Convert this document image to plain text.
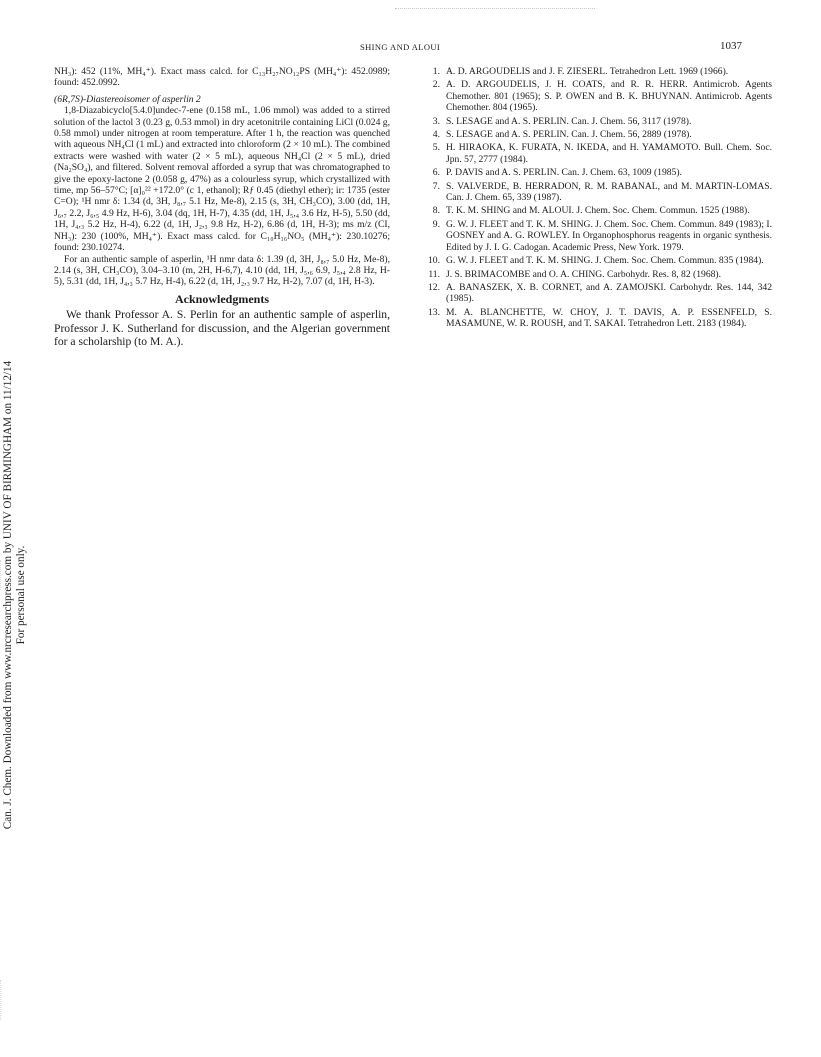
SHING AND ALOUI	1037
Can. J. Chem. Downloaded from www.nrcresearchpress.com by UNIV OF BIRMINGHAM on 11/12/14 For personal use only.

NH₃): 452 (11%, MH₄⁺). Exact mass calcd. for C₁₃H₂₇NO₁₂PS (MH₄⁺): 452.0989; found: 452.0992.

(6R,7S)-Diastereoisomer of asperlin 2

1,8-Diazabicyclo[5.4.0]undec-7-ene (0.158 mL, 1.06 mmol) was added to a stirred solution of the lactol 3 (0.23 g, 0.53 mmol) in dry acetonitrile containing LiCl (0.024 g, 0.58 mmol) under nitrogen at room temperature. After 1 h, the reaction was quenched with aqueous NH₄Cl (1 mL) and extracted into chloroform (2 × 10 mL). The combined extracts were washed with water (2 × 5 mL), aqueous NH₄Cl (2 × 5 mL), dried (Na₂SO₄), and filtered. Solvent removal afforded a syrup that was chromatographed to give the epoxy-lactone 2 (0.058 g, 47%) as a colourless syrup, which crystallized with time, mp 56–57°C; [α]₀²² +172.0° (c 1, ethanol); Rƒ 0.45 (diethyl ether); ir: 1735 (ester C=O); ¹H nmr δ: 1.34 (d, 3H, J₈,₇ 5.1 Hz, Me-8), 2.15 (s, 3H, CH₃CO), 3.00 (dd, 1H, J₆,₇ 2.2, J₆,₅ 4.9 Hz, H-6), 3.04 (dq, 1H, H-7), 4.35 (dd, 1H, J₅,₄ 3.6 Hz, H-5), 5.50 (dd, 1H, J₄,₃ 5.2 Hz, H-4), 6.22 (d, 1H, J₂,₃ 9.8 Hz, H-2), 6.86 (d, 1H, H-3); ms m/z (CI, NH₃): 230 (100%, MH₄⁺). Exact mass calcd. for C₁₀H₁₆NO₅ (MH₄⁺): 230.10276; found: 230.10274.

For an authentic sample of asperlin, ¹H nmr data δ: 1.39 (d, 3H, J₈,₇ 5.0 Hz, Me-8), 2.14 (s, 3H, CH₃CO), 3.04–3.10 (m, 2H, H-6,7), 4.10 (dd, 1H, J₅,₆ 6.9, J₅,₄ 2.8 Hz, H-5), 5.31 (dd, 1H, J₄,₃ 5.7 Hz, H-4), 6.22 (d, 1H, J₂,₃ 9.7 Hz, H-2), 7.07 (d, 1H, H-3).

Acknowledgments

We thank Professor A. S. Perlin for an authentic sample of asperlin, Professor J. K. Sutherland for discussion, and the Algerian government for a scholarship (to M. A.).

1. A. D. ARGOUDELIS and J. F. ZIESERL. Tetrahedron Lett. 1969 (1966).
2. A. D. ARGOUDELIS, J. H. COATS, and R. R. HERR. Antimicrob. Agents Chemother. 801 (1965); S. P. OWEN and B. K. BHUYNAN. Antimicrob. Agents Chemother. 804 (1965).
3. S. LESAGE and A. S. PERLIN. Can. J. Chem. 56, 3117 (1978).
4. S. LESAGE and A. S. PERLIN. Can. J. Chem. 56, 2889 (1978).
5. H. HIRAOKA, K. FURATA, N. IKEDA, and H. YAMAMOTO. Bull. Chem. Soc. Jpn. 57, 2777 (1984).
6. P. DAVIS and A. S. PERLIN. Can. J. Chem. 63, 1009 (1985).
7. S. VALVERDE, B. HERRADON, R. M. RABANAL, and M. MARTIN-LOMAS. Can. J. Chem. 65, 339 (1987).
8. T. K. M. SHING and M. ALOUI. J. Chem. Soc. Chem. Commun. 1525 (1988).
9. G. W. J. FLEET and T. K. M. SHING. J. Chem. Soc. Chem. Commun. 849 (1983); I. GOSNEY and A. G. ROWLEY. In Organophosphorus reagents in organic synthesis. Edited by J. I. G. Cadogan. Academic Press, New York. 1979.
10. G. W. J. FLEET and T. K. M. SHING. J. Chem. Soc. Chem. Commun. 835 (1984).
11. J. S. BRIMACOMBE and O. A. CHING. Carbohydr. Res. 8, 82 (1968).
12. A. BANASZEK, X. B. CORNET, and A. ZAMOJSKI. Carbohydr. Res. 144, 342 (1985).
13. M. A. BLANCHETTE, W. CHOY, J. T. DAVIS, A. P. ESSENFELD, S. MASAMUNE, W. R. ROUSH, and T. SAKAI. Tetrahedron Lett. 2183 (1984).
